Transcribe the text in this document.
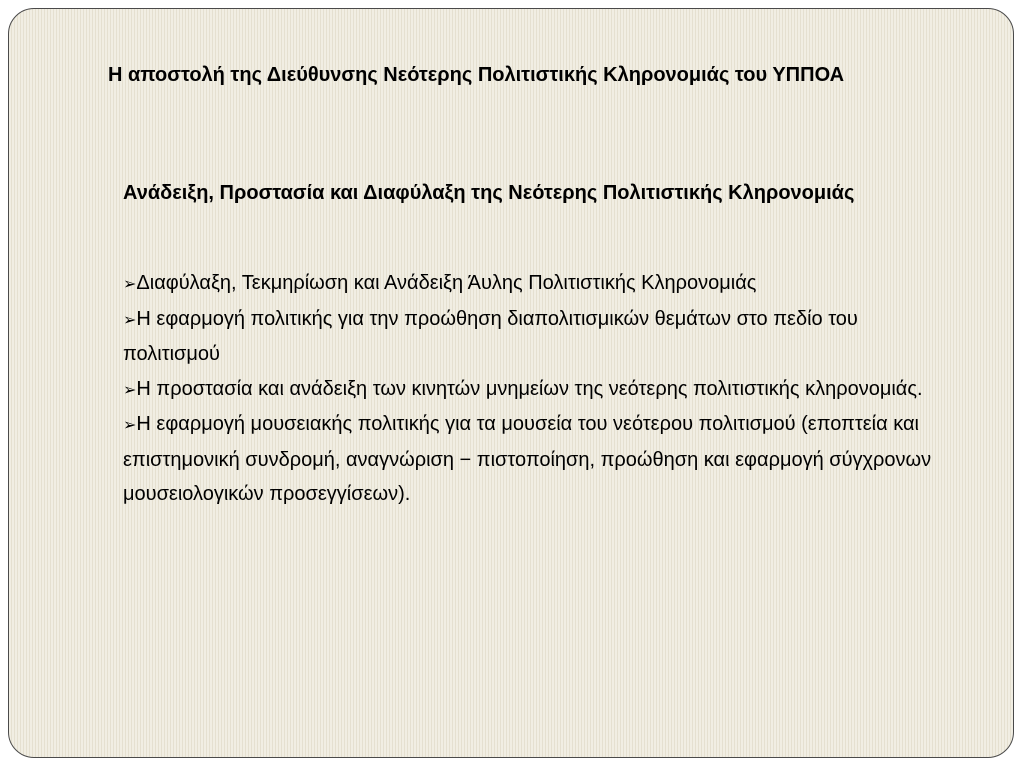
Η αποστολή της Διεύθυνσης Νεότερης Πολιτιστικής Κληρονομιάς του ΥΠΠΟΑ
Ανάδειξη, Προστασία και Διαφύλαξη της Νεότερης Πολιτιστικής Κληρονομιάς
➢Διαφύλαξη, Τεκμηρίωση και Ανάδειξη Άυλης Πολιτιστικής Κληρονομιάς
➢Η εφαρμογή πολιτικής για την προώθηση διαπολιτισμικών θεμάτων στο πεδίο του πολιτισμού
➢Η προστασία και ανάδειξη των κινητών μνημείων της νεότερης πολιτιστικής κληρονομιάς.
➢Η εφαρμογή μουσειακής πολιτικής για τα μουσεία του νεότερου πολιτισμού (εποπτεία και επιστημονική συνδρομή, αναγνώριση − πιστοποίηση, προώθηση και εφαρμογή σύγχρονων μουσειολογικών προσεγγίσεων).
